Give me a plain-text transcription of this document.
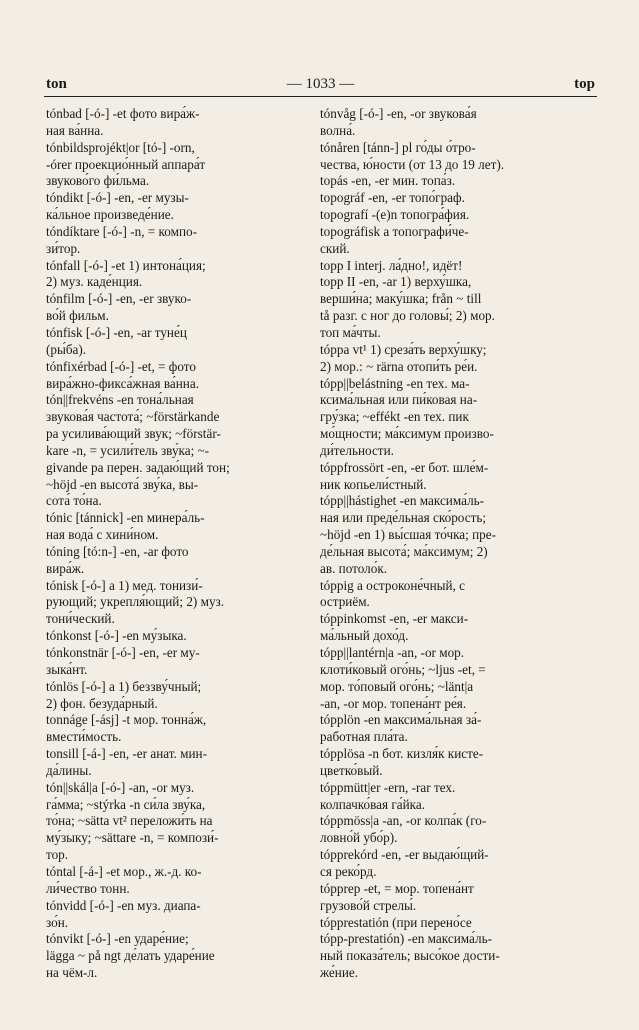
ton	— 1033 —	top
tónbad [-ó-] -et фото вира́ж-
ная ва́нна.
tónbildsprojékt|or [tó-] -orn,
-órer проекцио́нный аппара́т
звуково́го фи́льма.
tóndikt [-ó-] -en, -er музы-
ка́льное произведе́ние.
tóndíktare [-ó-] -n, = компо-
зи́тор.
tónfall [-ó-] -et 1) интона́ция;
2) муз. каде́нция.
tónfilm [-ó-] -en, -er звуко-
во́й фильм.
tónfisk [-ó-] -en, -ar туне́ц
(ры́ба).
tónfixérbad [-ó-] -et, = фото
вира́жно-фикса́жная ва́нна.
tón||frekvéns -en тона́льная
звукова́я частота́; ~förstärkande
pa усилива́ющий звук; ~förstär-
kare -n, = усили́тель зву́ка; ~-
givande pa перен. задаю́щий тон;
~höjd -en высота́ зву́ка, вы-
сота́ то́на.
tónic [tánnick] -en минера́ль-
ная вода́ с хини́ном.
tóning [tó:n-] -en, -ar фото
вира́ж.
tónisk [-ó-] a 1) мед. тонизи́-
рующий; укрепля́ющий; 2) муз.
тони́ческий.
tónkonst [-ó-] -en му́зыка.
tónkonstnär [-ó-] -en, -er му-
зыка́нт.
tónlös [-ó-] a 1) беззву́чный;
2) фон. безуда́рный.
tonnáge [-ásj] -t мор. тонна́ж,
вмести́мость.
tonsill [-á-] -en, -er анат. мин-
да́лины.
tón||skál|a [-ó-] -an, -or муз.
га́мма; ~stýrka -n си́ла зву́ка,
то́на; ~sätta vt² переложи́ть на
му́зыку; ~sättare -n, = компози́-
тор.
tóntal [-á-] -et мор., ж.-д. ко-
ли́чество тонн.
tónvidd [-ó-] -en муз. диапа-
зо́н.
tónvikt [-ó-] -en ударе́ние;
lägga ~ på ngt де́лать ударе́ние
на чём-л.
tónvåg [-ó-] -en, -or звукова́я
волна́.
tónåren [tánn-] pl го́ды о́тро-
чества, ю́ности (от 13 до 19 лет).
topás -en, -er мин. топа́з.
topográf -en, -er топо́граф.
topografí -(e)n топогра́фия.
topográfisk a топографи́че-
ский.
topp I interj. ла́дно!, идёт!
topp II -en, -ar 1) верху́шка,
верши́на; маку́шка; från ~ till
tå разг. с ног до головы́; 2) мор.
топ ма́чты.
tóppa vt¹ 1) среза́ть верху́шку;
2) мор.: ~ rärna отопи́ть ре́и.
tópp||belástning -en тех. ма-
ксима́льная или пи́ковая на-
гру́зка; ~effékt -en тех. пик
мо́щности; ма́ксимум произво-
ди́тельности.
tóppfrossört -en, -er бот. шле́м-
ник копьели́стный.
tópp||hástighet -en максима́ль-
ная или преде́льная ско́рость;
~höjd -en 1) вы́сшая то́чка; пре-
де́льная высота́; ма́ксимум; 2)
ав. потоло́к.
tóppig a остроконе́чный, с
остриём.
tóppinkomst -en, -er макси-
ма́льный дохо́д.
tópp||lantérn|a -an, -or мор.
клоти́ковый ого́нь; ~ljus -et, =
мор. то́повый ого́нь; ~länt|a
-an, -or мор. топена́нт ре́я.
tópplön -en максима́льная за́-
работная пла́та.
tópplösa -n бот. кизля́к кисте-
цветко́вый.
tóppmütt|er -ern, -rar тех.
колпачко́вая га́йка.
tóppmöss|a -an, -or колпа́к (го-
ловно́й убо́р).
tópprekórd -en, -er выдаю́щий-
ся реко́рд.
tópprep -et, = мор. топена́нт
грузово́й стрелы́.
tópprestatión (при перено́се
tópp-prestatión) -en максима́ль-
ный показа́тель; высо́кое дости-
же́ние.
